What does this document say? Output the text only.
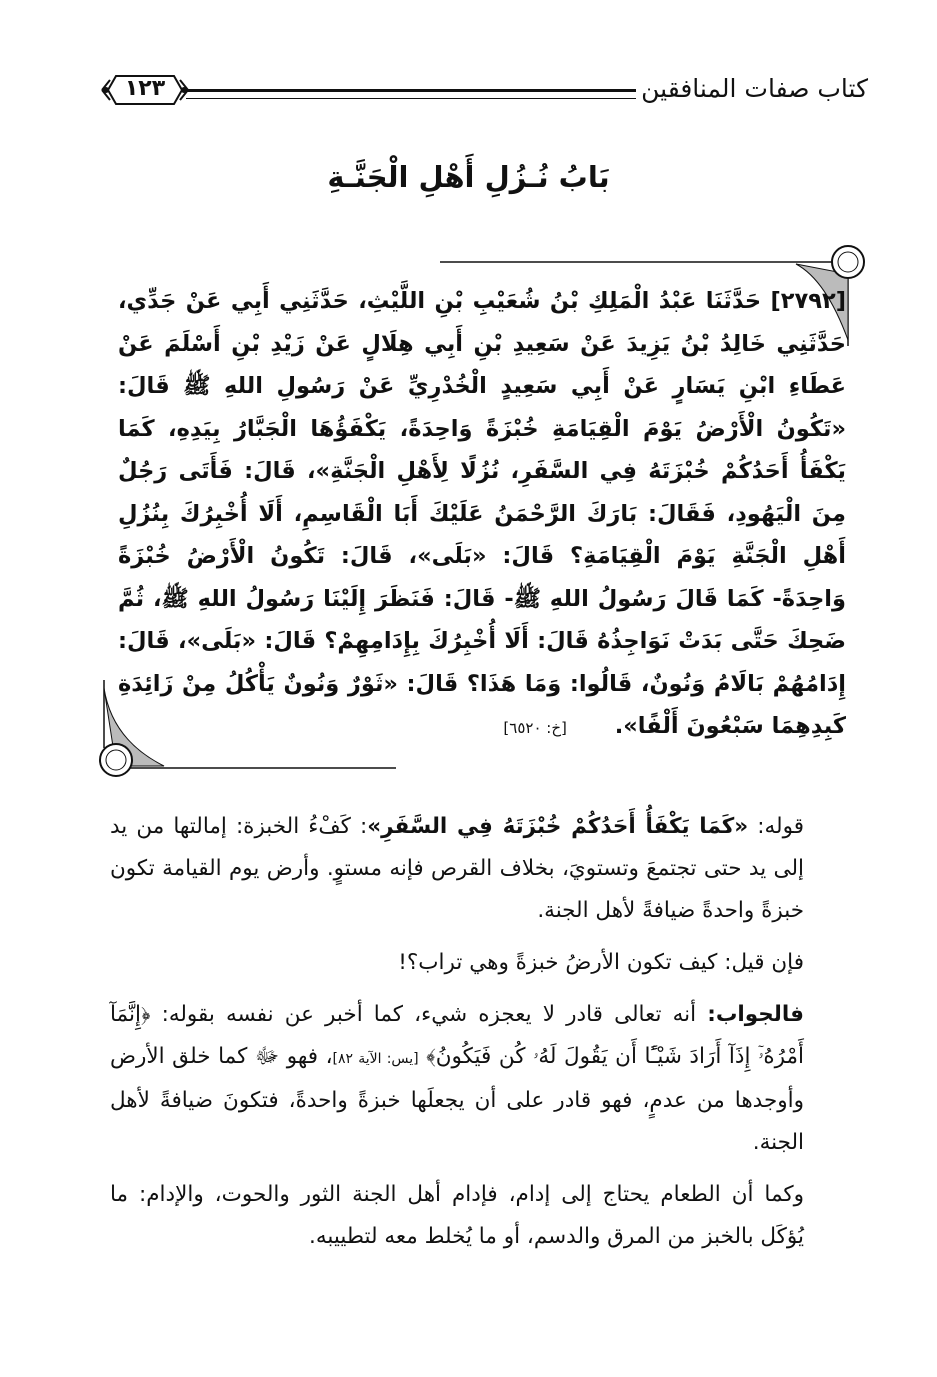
كتاب صفات المنافقين
١٢٣
بَابُ نُـزُلِ أَهْلِ الْجَنَّـةِ
[٢٧٩٢] حَدَّثَنَا عَبْدُ الْمَلِكِ بْنُ شُعَيْبِ بْنِ اللَّيْثِ، حَدَّثَنِي أَبِي عَنْ جَدِّي، حَدَّثَنِي خَالِدُ بْنُ يَزِيدَ عَنْ سَعِيدِ بْنِ أَبِي هِلَالٍ عَنْ زَيْدِ بْنِ أَسْلَمَ عَنْ عَطَاءِ ابْنِ يَسَارٍ عَنْ أَبِي سَعِيدٍ الْخُدْرِيِّ عَنْ رَسُولِ اللهِ ﷺ قَالَ: «تَكُونُ الْأَرْضُ يَوْمَ الْقِيَامَةِ خُبْزَةً وَاحِدَةً، يَكْفَؤُهَا الْجَبَّارُ بِيَدِهِ، كَمَا يَكْفَأُ أَحَدُكُمْ خُبْزَتَهُ فِي السَّفَرِ، نُزُلًا لِأَهْلِ الْجَنَّةِ»، قَالَ: فَأَتَى رَجُلٌ مِنَ الْيَهُودِ، فَقَالَ: بَارَكَ الرَّحْمَنُ عَلَيْكَ أَبَا الْقَاسِمِ، أَلَا أُخْبِرُكَ بِنُزُلِ أَهْلِ الْجَنَّةِ يَوْمَ الْقِيَامَةِ؟ قَالَ: «بَلَى»، قَالَ: تَكُونُ الْأَرْضُ خُبْزَةً وَاحِدَةً- كَمَا قَالَ رَسُولُ اللهِ ﷺ- قَالَ: فَنَظَرَ إِلَيْنَا رَسُولُ اللهِ ﷺ، ثُمَّ ضَحِكَ حَتَّى بَدَتْ نَوَاجِذُهُ قَالَ: أَلَا أُخْبِرُكَ بِإِدَامِهِمْ؟ قَالَ: «بَلَى»، قَالَ: إِدَامُهُمْ بَالَامُ وَنُونٌ، قَالُوا: وَمَا هَذَا؟ قَالَ: «ثَوْرٌ وَنُونٌ يَأْكُلُ مِنْ زَائِدَةِ كَبِدِهِمَا سَبْعُونَ أَلْفًا». [خ: ٦٥٢٠]

قوله: «كَمَا يَكْفَأُ أَحَدُكُمْ خُبْزَتَهُ فِي السَّفَرِ»: كَفْءُ الخبزة: إمالتها من يد إلى يد حتى تجتمعَ وتستويَ، بخلاف القرص فإنه مستوٍ. وأرض يوم القيامة تكون خبزةً واحدةً ضيافةً لأهل الجنة.

فإن قيل: كيف تكون الأرضُ خبزةً وهي تراب؟!

فالجواب: أنه تعالى قادر لا يعجزه شيء، كما أخبر عن نفسه بقوله: ﴿إِنَّمَآ أَمْرُهُۥٓ إِذَآ أَرَادَ شَيْـًٔا أَن يَقُولَ لَهُۥ كُن فَيَكُونُ﴾ [يس: الآية ٨٢]، فهو ﷻ كما خلق الأرض وأوجدها من عدمٍ، فهو قادر على أن يجعلَها خبزةً واحدةً، فتكونَ ضيافةً لأهل الجنة.

وكما أن الطعام يحتاج إلى إدام، فإدام أهل الجنة الثور والحوت، والإدام: ما يُؤكَل بالخبز من المرق والدسم، أو ما يُخلط معه لتطييبه.
